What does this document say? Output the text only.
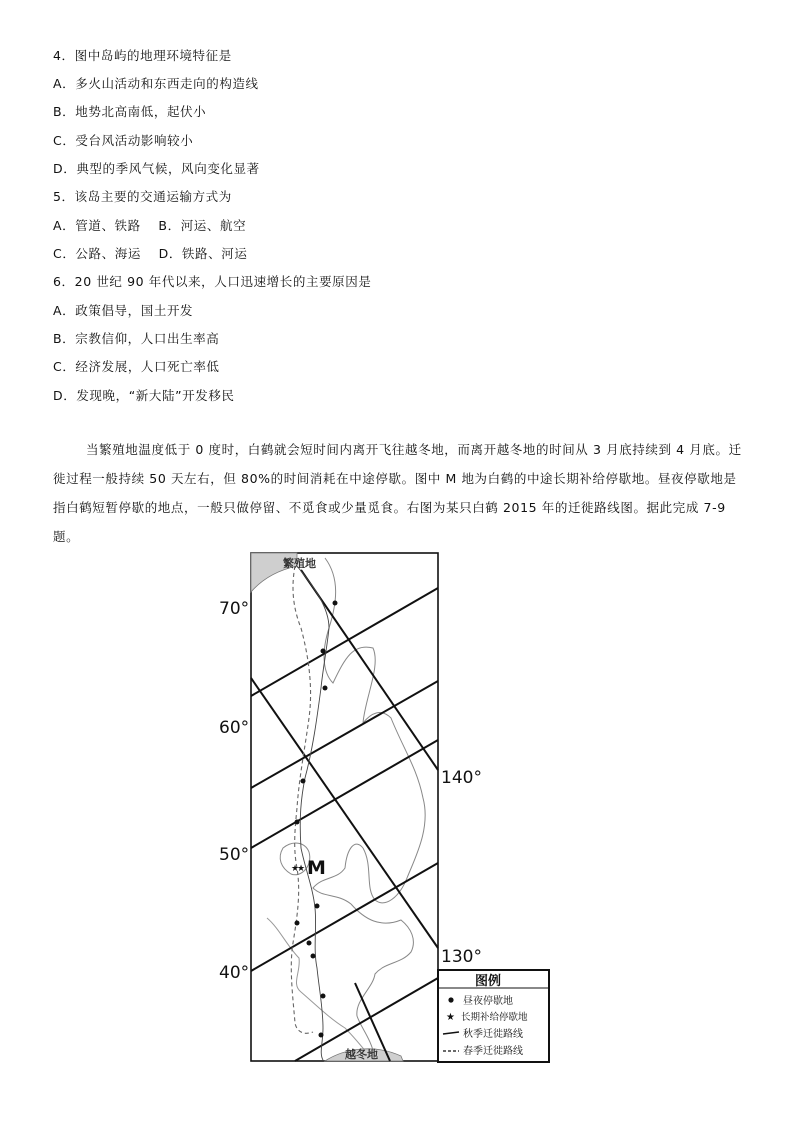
4．图中岛屿的地理环境特征是
A．多火山活动和东西走向的构造线
B．地势北高南低，起伏小
C．受台风活动影响较小
D．典型的季风气候，风向变化显著
5．该岛主要的交通运输方式为
A．管道、铁路　 B．河运、航空
C．公路、海运　 D．铁路、河运
6．20 世纪 90 年代以来，人口迅速增长的主要原因是
A．政策倡导，国土开发
B．宗教信仰，人口出生率高
C．经济发展，人口死亡率低
D．发现晚，“新大陆”开发移民

当繁殖地温度低于 0 度时，白鹤就会短时间内离开飞往越冬地，而离开越冬地的时间从 3 月底持续到 4 月底。迁徙过程一般持续 50 天左右，但 80%的时间消耗在中途停歇。图中 M 地为白鹤的中途长期补给停歇地。昼夜停歇地是指白鹤短暂停歇的地点，一般只做停留、不觅食或少量觅食。右图为某只白鹤 2015 年的迁徙路线图。据此完成 7-9 题。

★
★ M
繁殖地
越冬地
70°
60°
50°
40°
140°
130°
图例
昼夜停歇地
★ 长期补给停歇地
秋季迁徙路线
春季迁徙路线
